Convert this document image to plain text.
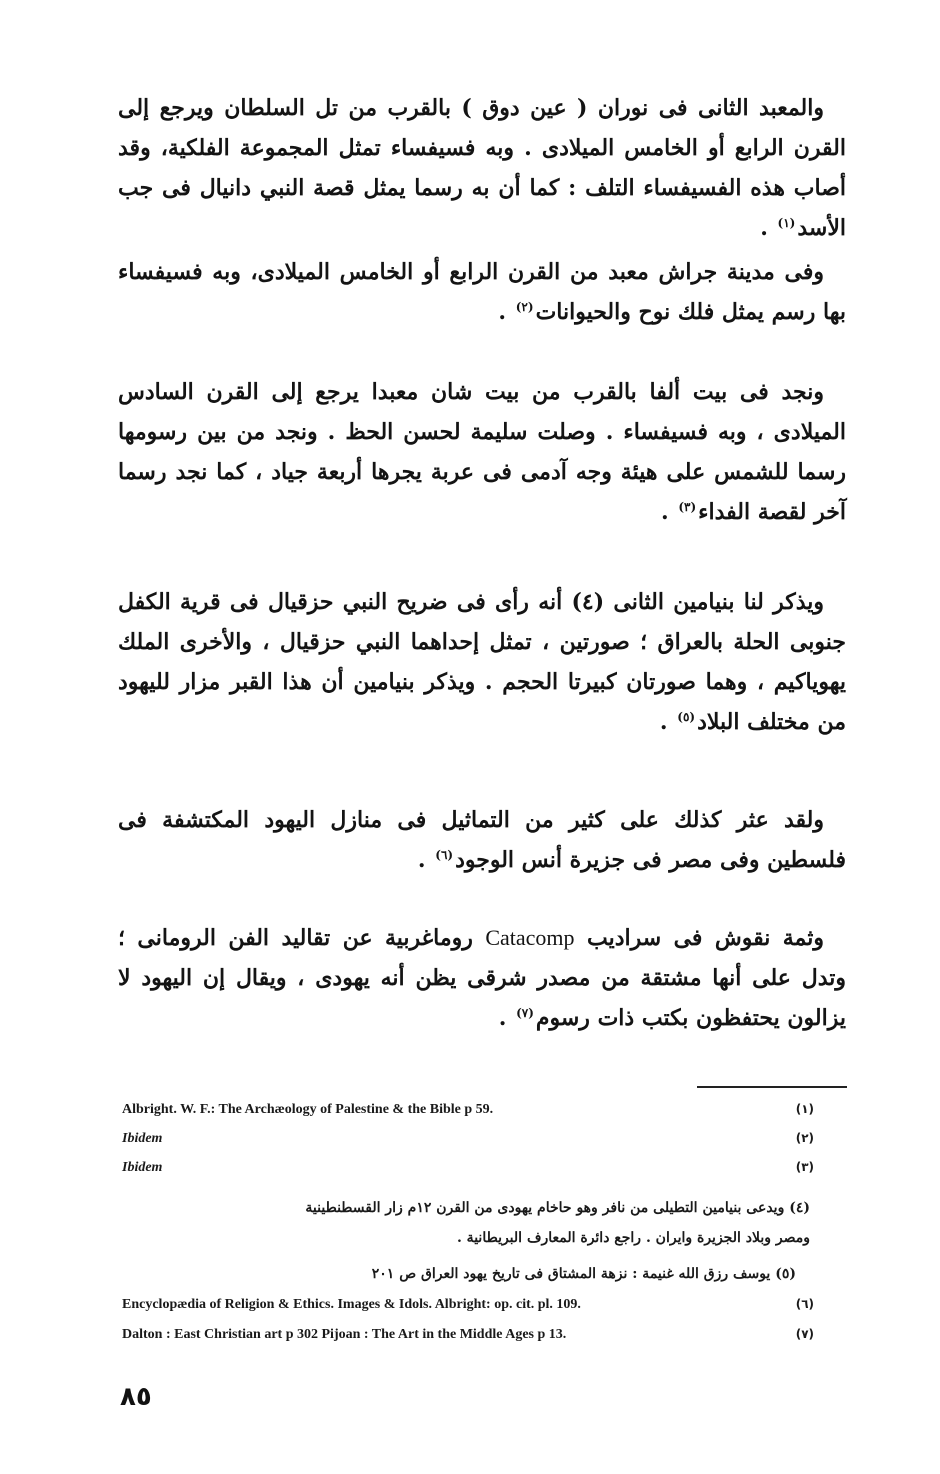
والمعبد الثانى فى نوران ( عين دوق ) بالقرب من تل السلطان ويرجع إلى القرن الرابع أو الخامس الميلادى . وبه فسيفساء تمثل المجموعة الفلكية، وقد أصاب هذه الفسيفساء التلف : كما أن به رسما يمثل قصة النبي دانيال فى جب الأسد$^{(١)}$ .

وفى مدينة جراش معبد من القرن الرابع أو الخامس الميلادى، وبه فسيفساء بها رسم يمثل فلك نوح والحيوانات$^{(٢)}$ .

ونجد فى بيت ألفا بالقرب من بيت شان معبدا يرجع إلى القرن السادس الميلادى ، وبه فسيفساء . وصلت سليمة لحسن الحظ . ونجد من بين رسومها رسما للشمس على هيئة وجه آدمى فى عربة يجرها أربعة جياد ، كما نجد رسما آخر لقصة الفداء$^{(٣)}$ .

ويذكر لنا بنيامين الثانى (٤) أنه رأى فى ضريح النبي حزقيال فى قرية الكفل جنوبى الحلة بالعراق ؛ صورتين ، تمثل إحداهما النبي حزقيال ، والأخرى الملك يهوياكيم ، وهما صورتان كبيرتا الحجم . ويذكر بنيامين أن هذا القبر مزار لليهود من مختلف البلاد$^{(٥)}$ .

ولقد عثر كذلك على كثير من التماثيل فى منازل اليهود المكتشفة فى فلسطين وفى مصر فى جزيرة أنس الوجود$^{(٦)}$ .

وثمة نقوش فى سراديب Catacomp روماغربية عن تقاليد الفن الرومانى ؛ وتدل على أنها مشتقة من مصدر شرقى يظن أنه يهودى ، ويقال إن اليهود لا يزالون يحتفظون بكتب ذات رسوم$^{(٧)}$ .

Albright. W. F.: The Archæology of Palestine & the Bible p 59.	(١)
Ibidem	(٢)
Ibidem	(٣)
(٤) ويدعى بنيامين التطيلى من نافر وهو حاخام يهودى من القرن ١٢م زار القسطنطينية
ومصر وبلاد الجزيرة وايران . راجع دائرة المعارف البريطانية .
(٥) يوسف رزق الله غنيمة : نزهة المشتاق فى تاريخ يهود العراق ص ٢٠١
Encyclopædia of Religion & Ethics. Images & Idols. Albright: op. cit. pl. 109.	(٦)
Dalton : East Christian art p 302 Pijoan : The Art in the Middle Ages p 13.	(٧)
٨٥
